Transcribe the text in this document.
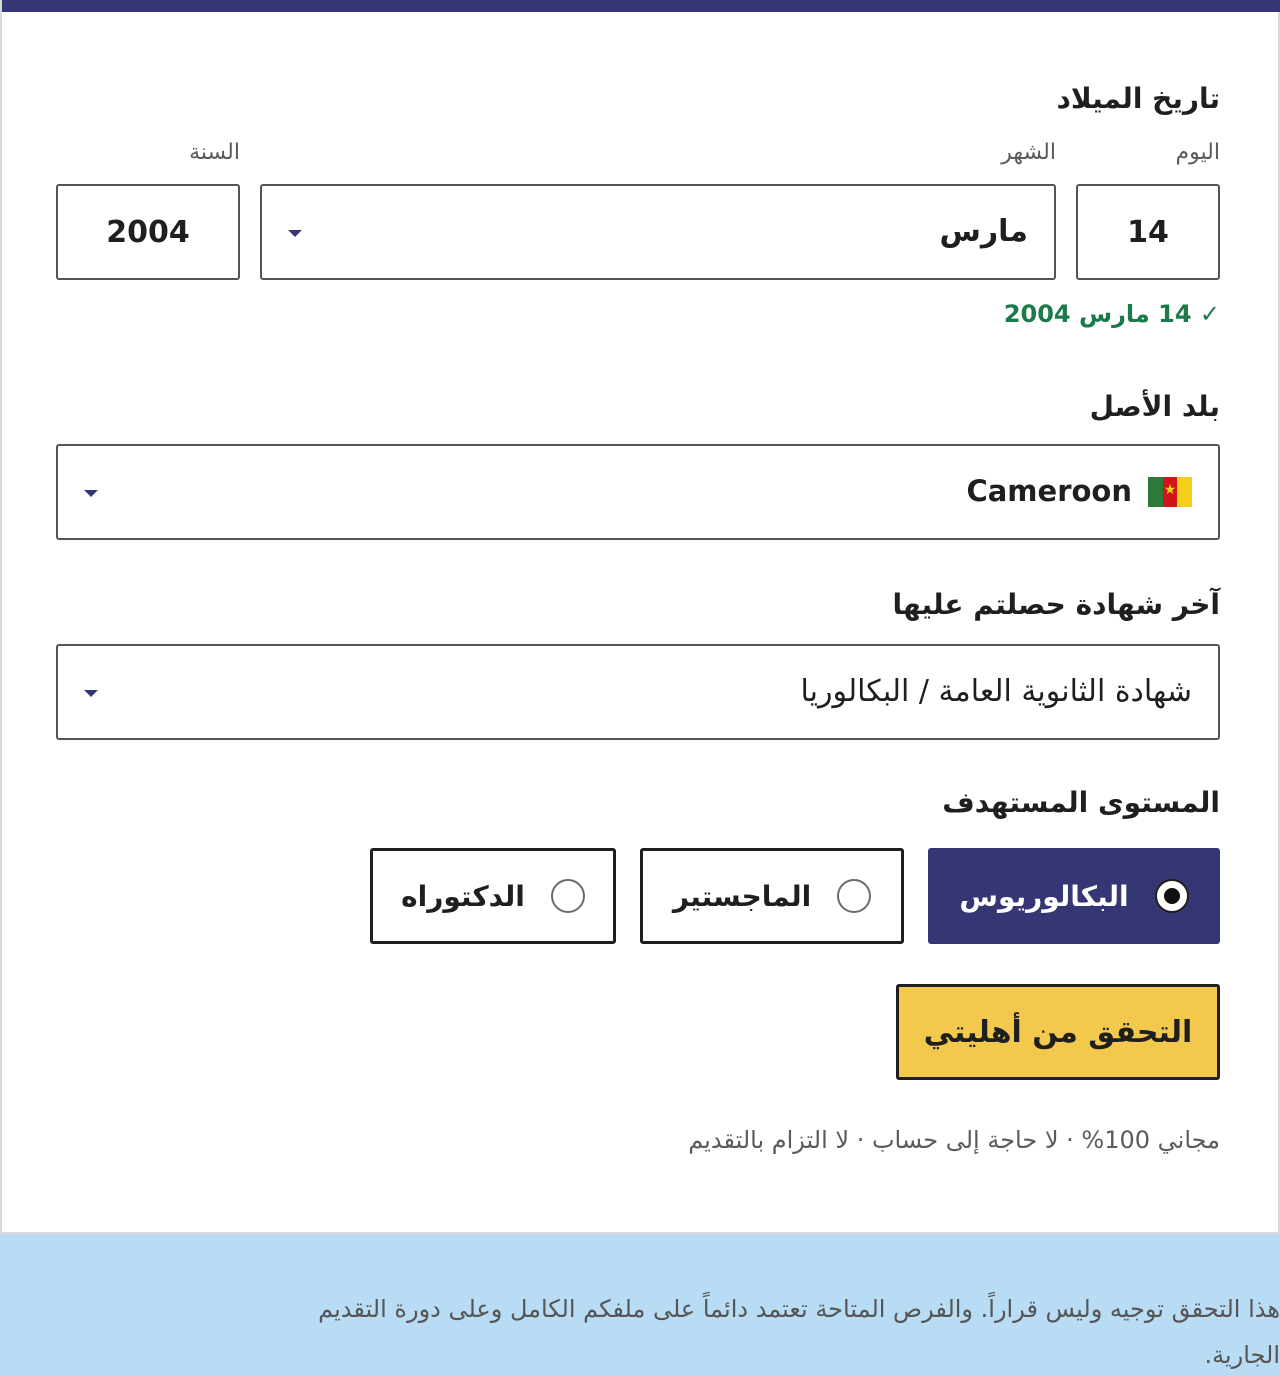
تاريخ الميلاد
اليوم
الشهر
السنة
14
مارس
2004
✓ 14 مارس 2004
بلد الأصل
★
Cameroon
آخر شهادة حصلتم عليها
شهادة الثانوية العامة / البكالوريا
المستوى المستهدف
البكالوريوس
الماجستير
الدكتوراه
التحقق من أهليتي
مجاني 100% · لا حاجة إلى حساب · لا التزام بالتقديم

هذا التحقق توجيه وليس قراراً. والفرص المتاحة تعتمد دائماً على ملفكم الكامل وعلى دورة التقديم الجارية.
